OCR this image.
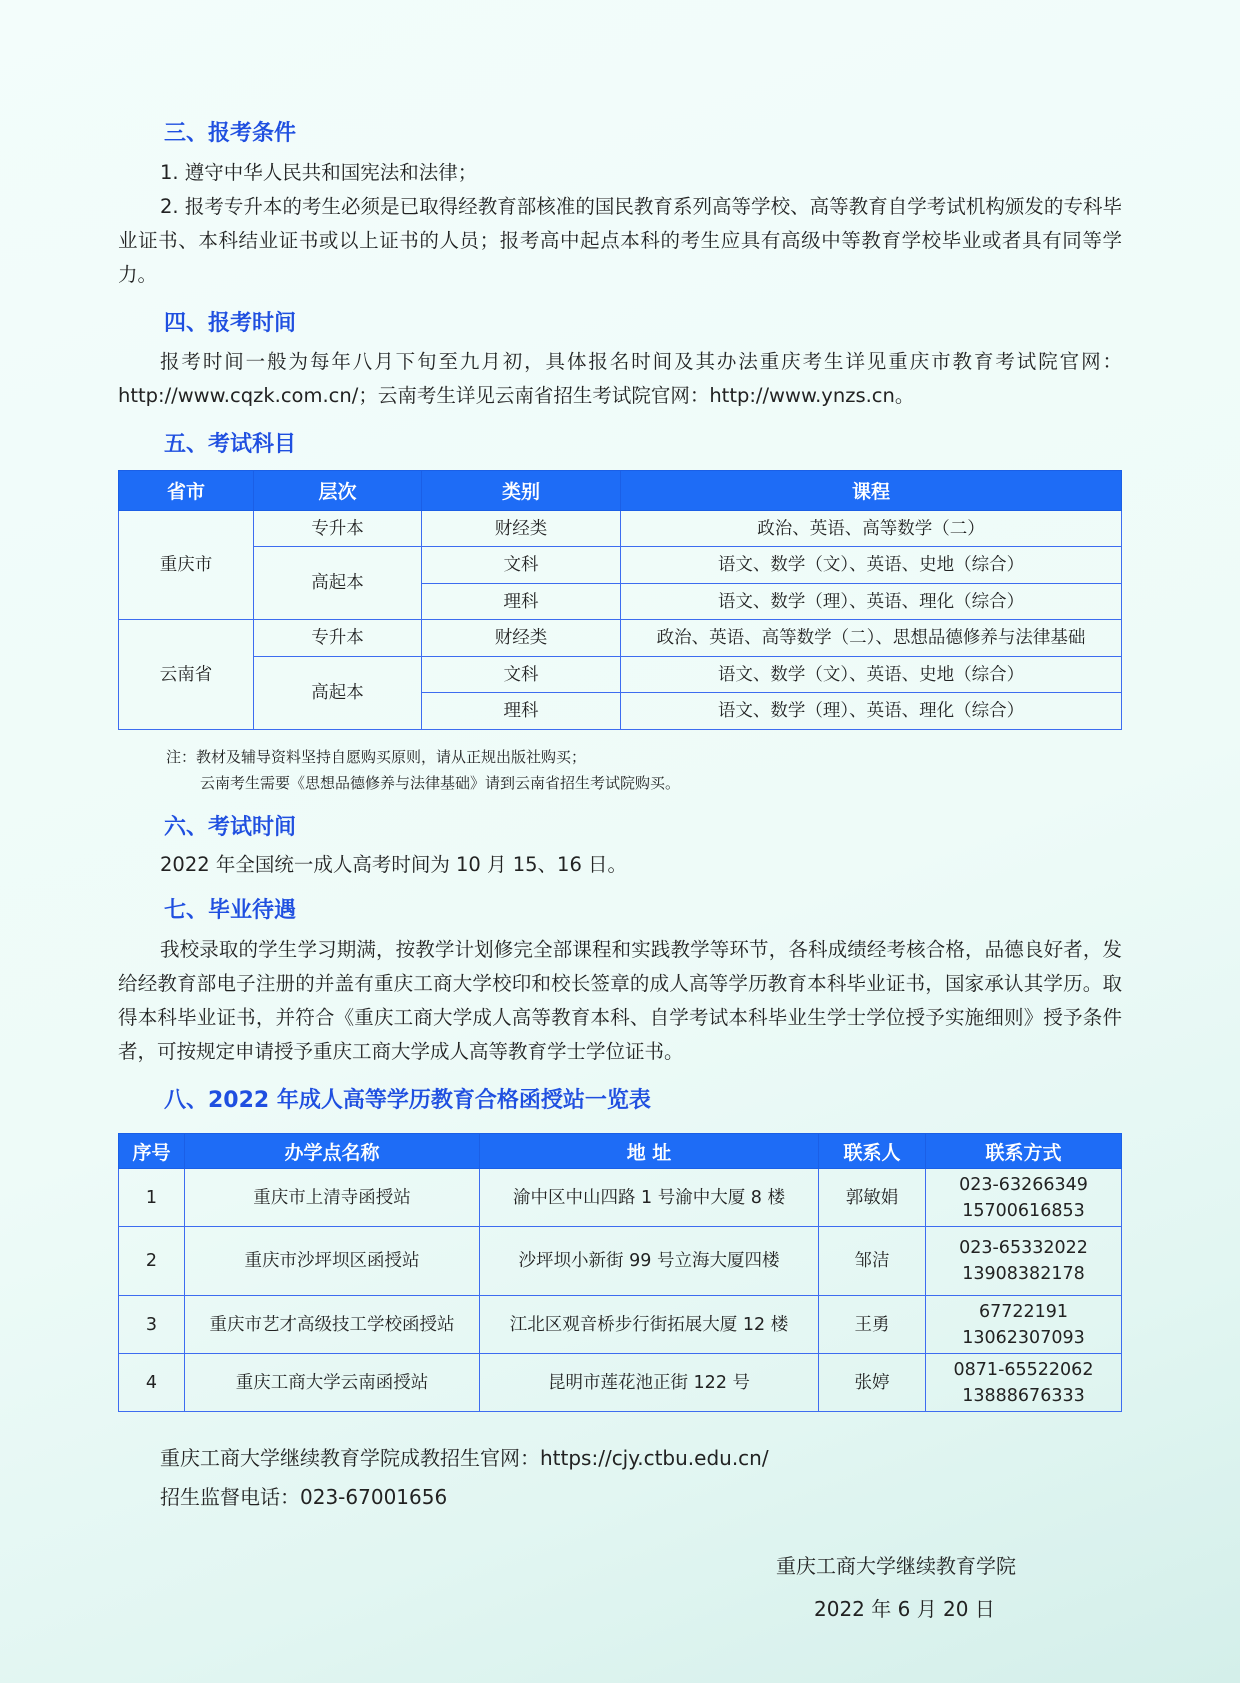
三、报考条件
1. 遵守中华人民共和国宪法和法律；
2. 报考专升本的考生必须是已取得经教育部核准的国民教育系列高等学校、高等教育自学考试机构颁发的专科毕业证书、本科结业证书或以上证书的人员；报考高中起点本科的考生应具有高级中等教育学校毕业或者具有同等学力。
四、报考时间
报考时间一般为每年八月下旬至九月初，具体报名时间及其办法重庆考生详见重庆市教育考试院官网：http://www.cqzk.com.cn/；云南考生详见云南省招生考试院官网：http://www.ynzs.cn。
五、考试科目
省市	层次	类别	课程
重庆市	专升本	财经类	政治、英语、高等数学（二）
	高起本	文科	语文、数学（文）、英语、史地（综合）
		理科	语文、数学（理）、英语、理化（综合）
云南省	专升本	财经类	政治、英语、高等数学（二）、思想品德修养与法律基础
	高起本	文科	语文、数学（文）、英语、史地（综合）
		理科	语文、数学（理）、英语、理化（综合）
注：教材及辅导资料坚持自愿购买原则，请从正规出版社购买；
云南考生需要《思想品德修养与法律基础》请到云南省招生考试院购买。
六、考试时间
2022 年全国统一成人高考时间为 10 月 15、16 日。
七、毕业待遇
我校录取的学生学习期满，按教学计划修完全部课程和实践教学等环节，各科成绩经考核合格，品德良好者，发给经教育部电子注册的并盖有重庆工商大学校印和校长签章的成人高等学历教育本科毕业证书，国家承认其学历。取得本科毕业证书，并符合《重庆工商大学成人高等教育本科、自学考试本科毕业生学士学位授予实施细则》授予条件者，可按规定申请授予重庆工商大学成人高等教育学士学位证书。
八、2022 年成人高等学历教育合格函授站一览表
序号	办学点名称	地 址	联系人	联系方式
1	重庆市上清寺函授站	渝中区中山四路 1 号渝中大厦 8 楼	郭敏娟	023-63266349
15700616853

2	重庆市沙坪坝区函授站	沙坪坝小新街 99 号立海大厦四楼	邹洁	023-65332022
13908382178

3	重庆市艺才高级技工学校函授站	江北区观音桥步行街拓展大厦 12 楼	王勇	67722191
13062307093

4	重庆工商大学云南函授站	昆明市莲花池正街 122 号	张婷	0871-65522062
13888676333
重庆工商大学继续教育学院成教招生官网：https://cjy.ctbu.edu.cn/
招生监督电话：023-67001656
重庆工商大学继续教育学院
2022 年 6 月 20 日
